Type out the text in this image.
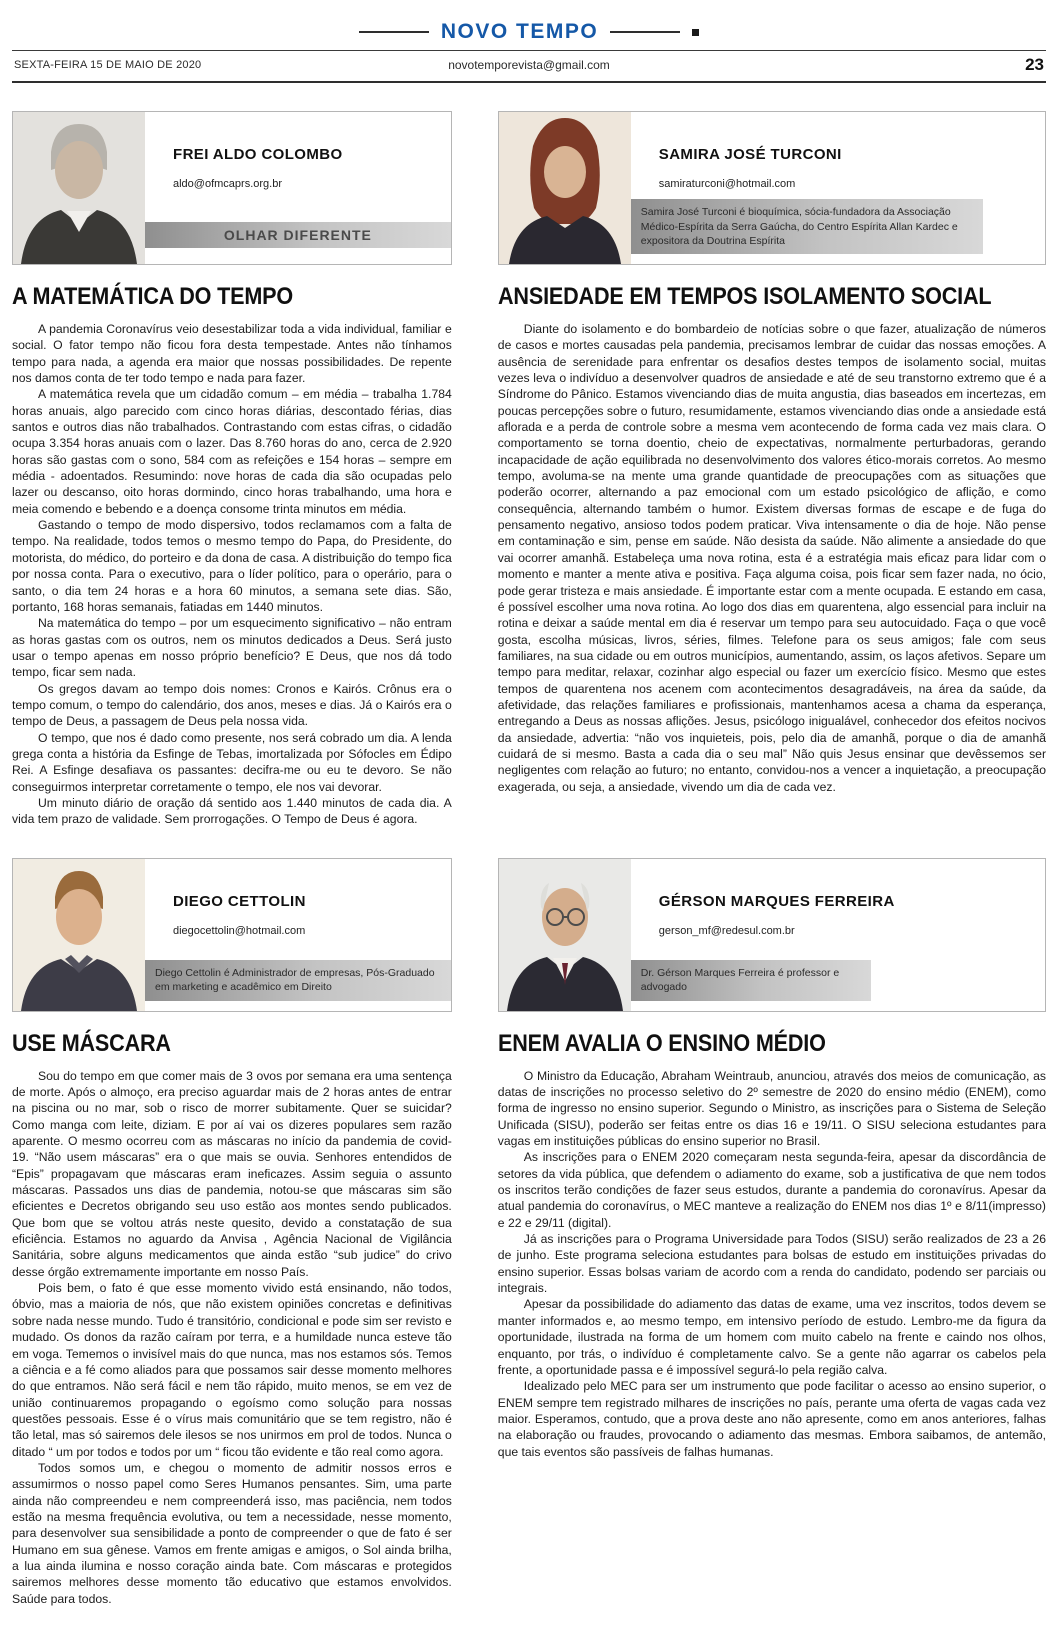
NOVO TEMPO
SEXTA-FEIRA 15 DE MAIO DE 2020	novotemporevista@gmail.com	23
FREI ALDO COLOMBO
aldo@ofmcaprs.org.br
OLHAR DIFERENTE
A MATEMÁTICA DO TEMPO

A pandemia Coronavírus veio desestabilizar toda a vida individual, familiar e social. O fator tempo não ficou fora desta tempestade. Antes não tínhamos tempo para nada, a agenda era maior que nossas possibilidades. De repente nos damos conta de ter todo tempo e nada para fazer.

A matemática revela que um cidadão comum – em média – trabalha 1.784 horas anuais, algo parecido com cinco horas diárias, descontado férias, dias santos e outros dias não trabalhados. Contrastando com estas cifras, o cidadão ocupa 3.354 horas anuais com o lazer. Das 8.760 horas do ano, cerca de 2.920 horas são gastas com o sono, 584 com as refeições e 154 horas – sempre em média - adoentados. Resumindo: nove horas de cada dia são ocupadas pelo lazer ou descanso, oito horas dormindo, cinco horas trabalhando, uma hora e meia comendo e bebendo e a doença consome trinta minutos em média.

Gastando o tempo de modo dispersivo, todos reclamamos com a falta de tempo. Na realidade, todos temos o mesmo tempo do Papa, do Presidente, do motorista, do médico, do porteiro e da dona de casa. A distribuição do tempo fica por nossa conta. Para o executivo, para o líder político, para o operário, para o santo, o dia tem 24 horas e a hora 60 minutos, a semana sete dias. São, portanto, 168 horas semanais, fatiadas em 1440 minutos.

Na matemática do tempo – por um esquecimento significativo – não entram as horas gastas com os outros, nem os minutos dedicados a Deus. Será justo usar o tempo apenas em nosso próprio benefício? E Deus, que nos dá todo tempo, ficar sem nada.

Os gregos davam ao tempo dois nomes: Cronos e Kairós. Crônus era o tempo comum, o tempo do calendário, dos anos, meses e dias. Já o Kairós era o tempo de Deus, a passagem de Deus pela nossa vida.

O tempo, que nos é dado como presente, nos será cobrado um dia. A lenda grega conta a história da Esfinge de Tebas, imortalizada por Sófocles em Édipo Rei. A Esfinge desafiava os passantes: decifra-me ou eu te devoro. Se não conseguirmos interpretar corretamente o tempo, ele nos vai devorar.

Um minuto diário de oração dá sentido aos 1.440 minutos de cada dia. A vida tem prazo de validade. Sem prorrogações. O Tempo de Deus é agora.

SAMIRA JOSÉ TURCONI
samiraturconi@hotmail.com
Samira José Turconi é bioquímica, sócia-fundadora da Associação Médico-Espírita da Serra Gaúcha, do Centro Espírita Allan Kardec e expositora da Doutrina Espírita
ANSIEDADE EM TEMPOS ISOLAMENTO SOCIAL

Diante do isolamento e do bombardeio de notícias sobre o que fazer, atualização de números de casos e mortes causadas pela pandemia, precisamos lembrar de cuidar das nossas emoções. A ausência de serenidade para enfrentar os desafios destes tempos de isolamento social, muitas vezes leva o indivíduo a desenvolver quadros de ansiedade e até de seu transtorno extremo que é a Síndrome do Pânico. Estamos vivenciando dias de muita angustia, dias baseados em incertezas, em poucas percepções sobre o futuro, resumidamente, estamos vivenciando dias onde a ansiedade está aflorada e a perda de controle sobre a mesma vem acontecendo de forma cada vez mais clara. O comportamento se torna doentio, cheio de expectativas, normalmente perturbadoras, gerando incapacidade de ação equilibrada no desenvolvimento dos valores ético-morais corretos. Ao mesmo tempo, avoluma-se na mente uma grande quantidade de preocupações com as situações que poderão ocorrer, alternando a paz emocional com um estado psicológico de aflição, e como consequência, alternando também o humor. Existem diversas formas de escape e de fuga do pensamento negativo, ansioso todos podem praticar. Viva intensamente o dia de hoje. Não pense em contaminação e sim, pense em saúde. Não desista da saúde. Não alimente a ansiedade do que vai ocorrer amanhã. Estabeleça uma nova rotina, esta é a estratégia mais eficaz para lidar com o momento e manter a mente ativa e positiva. Faça alguma coisa, pois ficar sem fazer nada, no ócio, pode gerar tristeza e mais ansiedade. É importante estar com a mente ocupada. E estando em casa, é possível escolher uma nova rotina. Ao logo dos dias em quarentena, algo essencial para incluir na rotina e deixar a saúde mental em dia é reservar um tempo para seu autocuidado. Faça o que você gosta, escolha músicas, livros, séries, filmes. Telefone para os seus amigos; fale com seus familiares, na sua cidade ou em outros municípios, aumentando, assim, os laços afetivos. Separe um tempo para meditar, relaxar, cozinhar algo especial ou fazer um exercício físico. Mesmo que estes tempos de quarentena nos acenem com acontecimentos desagradáveis, na área da saúde, da afetividade, das relações familiares e profissionais, mantenhamos acesa a chama da esperança, entregando a Deus as nossas aflições. Jesus, psicólogo inigualável, conhecedor dos efeitos nocivos da ansiedade, advertia: “não vos inquieteis, pois, pelo dia de amanhã, porque o dia de amanhã cuidará de si mesmo. Basta a cada dia o seu mal” Não quis Jesus ensinar que devêssemos ser negligentes com relação ao futuro; no entanto, convidou-nos a vencer a inquietação, a preocupação exagerada, ou seja, a ansiedade, vivendo um dia de cada vez.

DIEGO CETTOLIN
diegocettolin@hotmail.com
Diego Cettolin é Administrador de empresas, Pós-Graduado em marketing e acadêmico em Direito
USE MÁSCARA

Sou do tempo em que comer mais de 3 ovos por semana era uma sentença de morte. Após o almoço, era preciso aguardar mais de 2 horas antes de entrar na piscina ou no mar, sob o risco de morrer subitamente. Quer se suicidar? Como manga com leite, diziam. E por aí vai os dizeres populares sem razão aparente. O mesmo ocorreu com as máscaras no início da pandemia de covid-19. “Não usem máscaras” era o que mais se ouvia. Senhores entendidos de “Epis” propagavam que máscaras eram ineficazes. Assim seguia o assunto máscaras. Passados uns dias de pandemia, notou-se que máscaras sim são eficientes e Decretos obrigando seu uso estão aos montes sendo publicados. Que bom que se voltou atrás neste quesito, devido a constatação de sua eficiência. Estamos no aguardo da Anvisa , Agência Nacional de Vigilância Sanitária, sobre alguns medicamentos que ainda estão “sub judice” do crivo desse órgão extremamente importante em nosso País.

Pois bem, o fato é que esse momento vivido está ensinando, não todos, óbvio, mas a maioria de nós, que não existem opiniões concretas e definitivas sobre nada nesse mundo. Tudo é transitório, condicional e pode sim ser revisto e mudado. Os donos da razão caíram por terra, e a humildade nunca esteve tão em voga. Tememos o invisível mais do que nunca, mas nos estamos sós. Temos a ciência e a fé como aliados para que possamos sair desse momento melhores do que entramos. Não será fácil e nem tão rápido, muito menos, se em vez de união continuaremos propagando o egoísmo como solução para nossas questões pessoais. Esse é o vírus mais comunitário que se tem registro, não é tão letal, mas só sairemos dele ilesos se nos unirmos em prol de todos. Nunca o ditado “ um por todos e todos por um “ ficou tão evidente e tão real como agora.

Todos somos um, e chegou o momento de admitir nossos erros e assumirmos o nosso papel como Seres Humanos pensantes. Sim, uma parte ainda não compreendeu e nem compreenderá isso, mas paciência, nem todos estão na mesma frequência evolutiva, ou tem a necessidade, nesse momento, para desenvolver sua sensibilidade a ponto de compreender o que de fato é ser Humano em sua gênese. Vamos em frente amigas e amigos, o Sol ainda brilha, a lua ainda ilumina e nosso coração ainda bate. Com máscaras e protegidos sairemos melhores desse momento tão educativo que estamos envolvidos. Saúde para todos.

GÉRSON MARQUES FERREIRA
gerson_mf@redesul.com.br
Dr. Gérson Marques Ferreira é professor e advogado
ENEM AVALIA O ENSINO MÉDIO

O Ministro da Educação, Abraham Weintraub, anunciou, através dos meios de comunicação, as datas de inscrições no processo seletivo do 2º semestre de 2020 do ensino médio (ENEM), como forma de ingresso no ensino superior. Segundo o Ministro, as inscrições para o Sistema de Seleção Unificada (SISU), poderão ser feitas entre os dias 16 e 19/11. O SISU seleciona estudantes para vagas em instituições públicas do ensino superior no Brasil.

As inscrições para o ENEM 2020 começaram nesta segunda-feira, apesar da discordância de setores da vida pública, que defendem o adiamento do exame, sob a justificativa de que nem todos os inscritos terão condições de fazer seus estudos, durante a pandemia do coronavírus. Apesar da atual pandemia do coronavírus, o MEC manteve a realização do ENEM nos dias 1º e 8/11(impresso) e 22 e 29/11 (digital).

Já as inscrições para o Programa Universidade para Todos (SISU) serão realizados de 23 a 26 de junho. Este programa seleciona estudantes para bolsas de estudo em instituições privadas do ensino superior. Essas bolsas variam de acordo com a renda do candidato, podendo ser parciais ou integrais.

Apesar da possibilidade do adiamento das datas de exame, uma vez inscritos, todos devem se manter informados e, ao mesmo tempo, em intensivo período de estudo. Lembro-me da figura da oportunidade, ilustrada na forma de um homem com muito cabelo na frente e caindo nos olhos, enquanto, por trás, o indivíduo é completamente calvo. Se a gente não agarrar os cabelos pela frente, a oportunidade passa e é impossível segurá-lo pela região calva.

Idealizado pelo MEC para ser um instrumento que pode facilitar o acesso ao ensino superior, o ENEM sempre tem registrado milhares de inscrições no país, perante uma oferta de vagas cada vez maior. Esperamos, contudo, que a prova deste ano não apresente, como em anos anteriores, falhas na elaboração ou fraudes, provocando o adiamento das mesmas. Embora saibamos, de antemão, que tais eventos são passíveis de falhas humanas.
